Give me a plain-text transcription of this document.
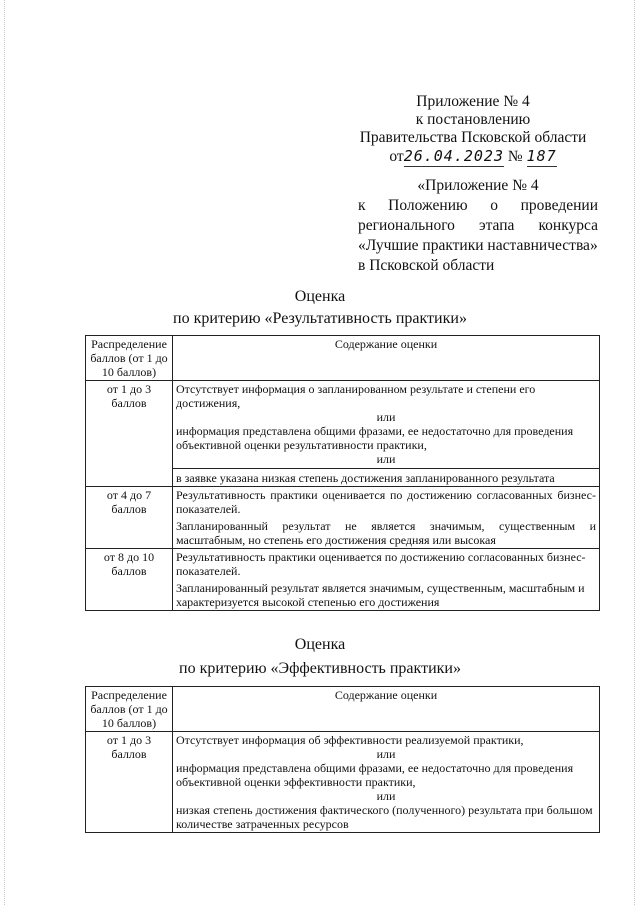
Приложение № 4
к постановлению
Правительства Псковской области
от26.04.2023 № 187
«Приложение № 4
к Положению о проведении
регионального этапа конкурса
«Лучшие практики наставничества»
в Псковской области
Оценка
по критерию «Результативность практики»
Распределение баллов (от 1 до 10 баллов)	Содержание оценки
от 1 до 3 баллов	Отсутствует информация о запланированном результате и степени его достижения,

или

информация представлена общими фразами, ее недостаточно для проведения объективной оценки результативности практики,

или

в заявке указана низкая степень достижения запланированного результата

от 4 до 7 баллов	Результативность практики оценивается по достижению согласованных бизнес-показателей.

Запланированный результат не является значимым, существенным и масштабным, но степень его достижения средняя или высокая

от 8 до 10 баллов	Результативность практики оценивается по достижению согласованных бизнес-показателей.

Запланированный результат является значимым, существенным, масштабным и характеризуется высокой степенью его достижения

Оценка
по критерию «Эффективность практики»
Распределение баллов (от 1 до 10 баллов)	Содержание оценки
от 1 до 3 баллов	Отсутствует информация об эффективности реализуемой практики,

или

информация представлена общими фразами, ее недостаточно для проведения объективной оценки эффективности практики,

или

низкая степень достижения фактического (полученного) результата при большом количестве затраченных ресурсов
